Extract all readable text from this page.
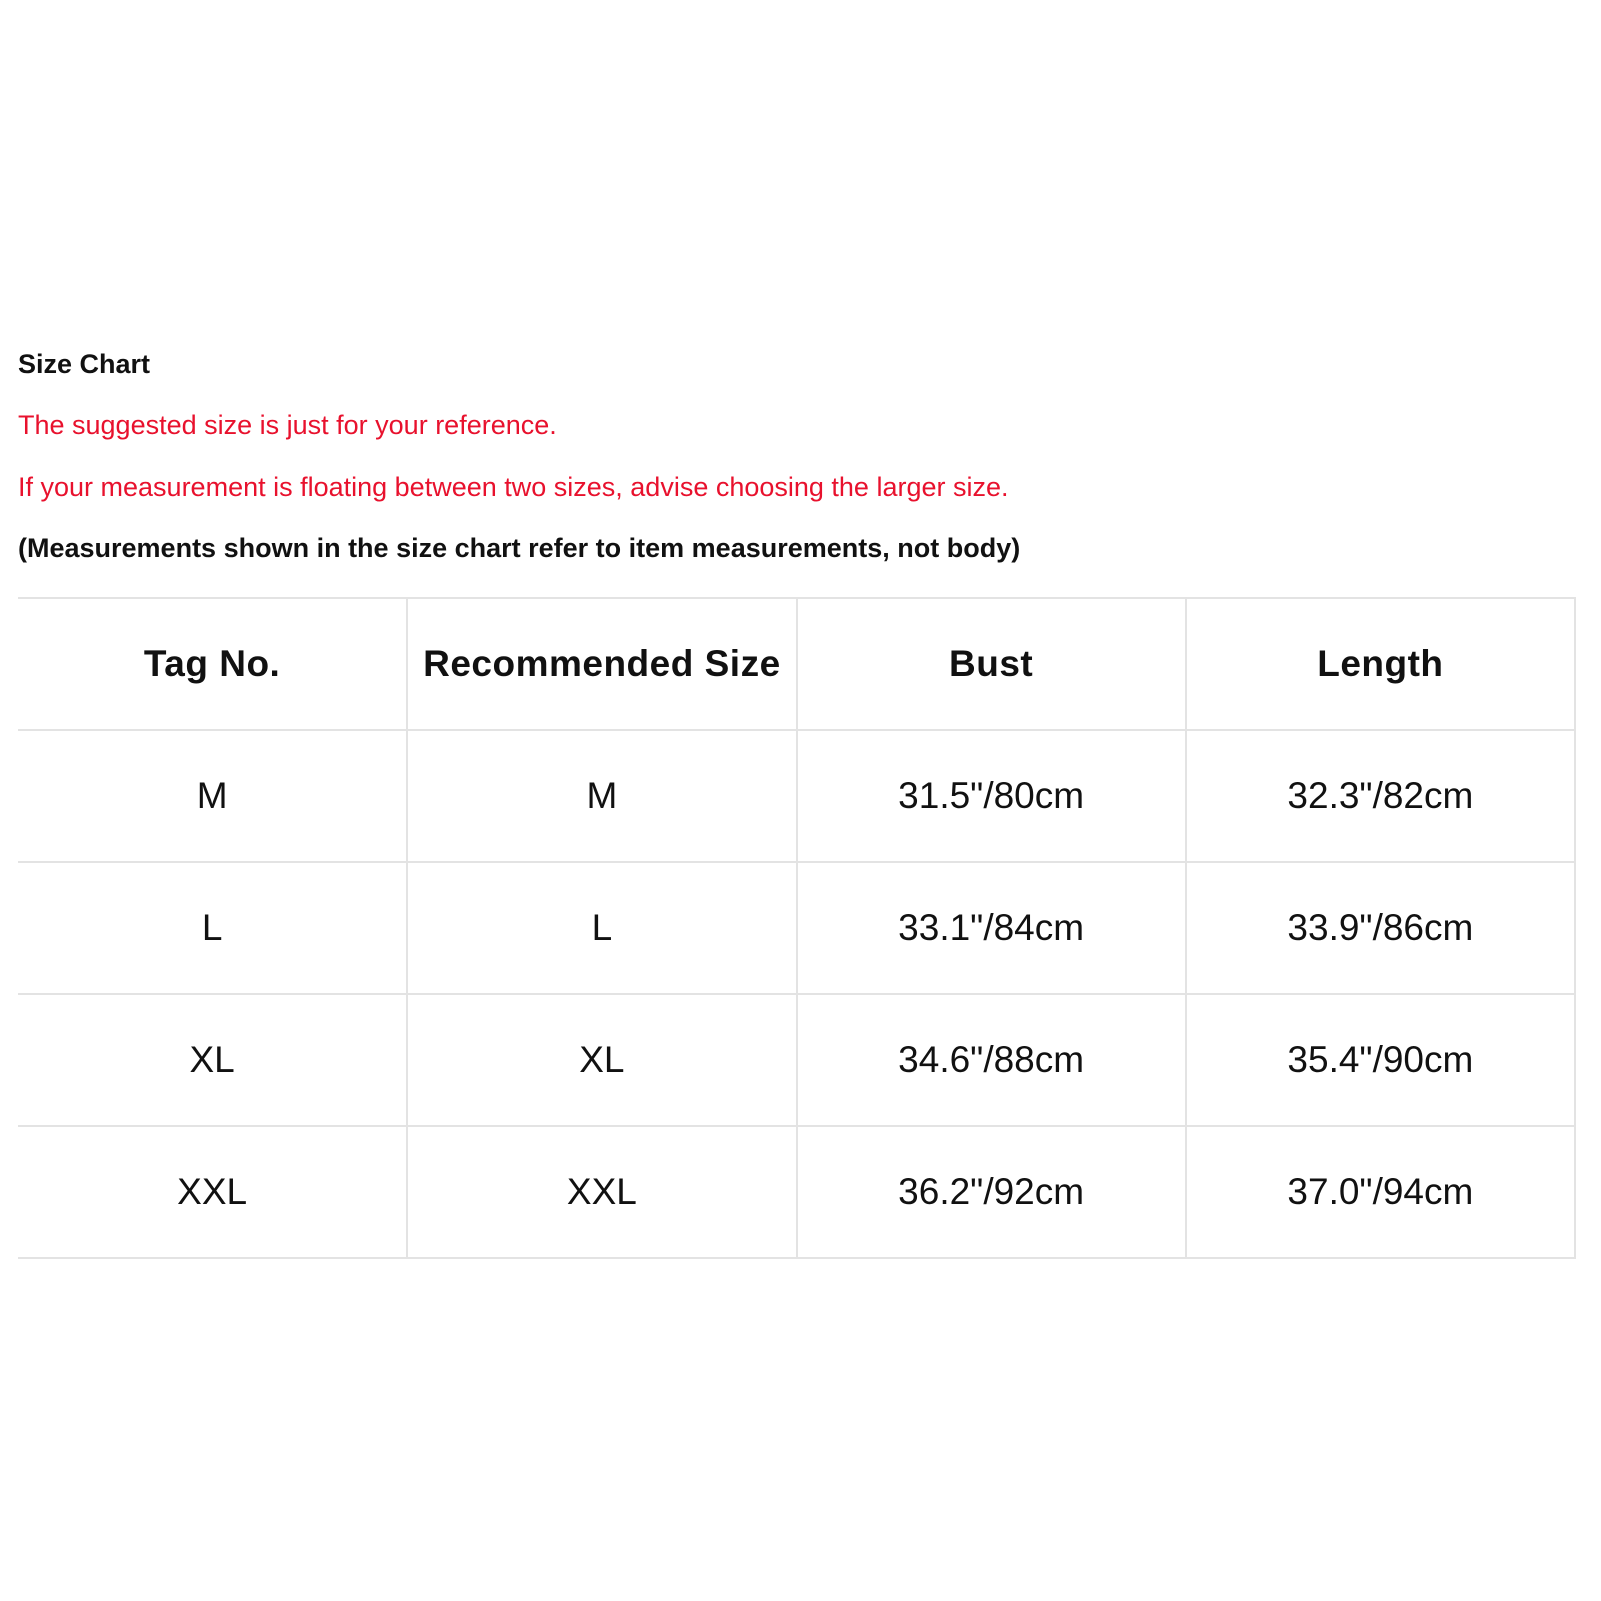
Size Chart
The suggested size is just for your reference.
If your measurement is floating between two sizes, advise choosing the larger size.
(Measurements shown in the size chart refer to item measurements, not body)
Tag No.	Recommended Size	Bust	Length
M	M	31.5"/80cm	32.3"/82cm
L	L	33.1"/84cm	33.9"/86cm
XL	XL	34.6"/88cm	35.4"/90cm
XXL	XXL	36.2"/92cm	37.0"/94cm
